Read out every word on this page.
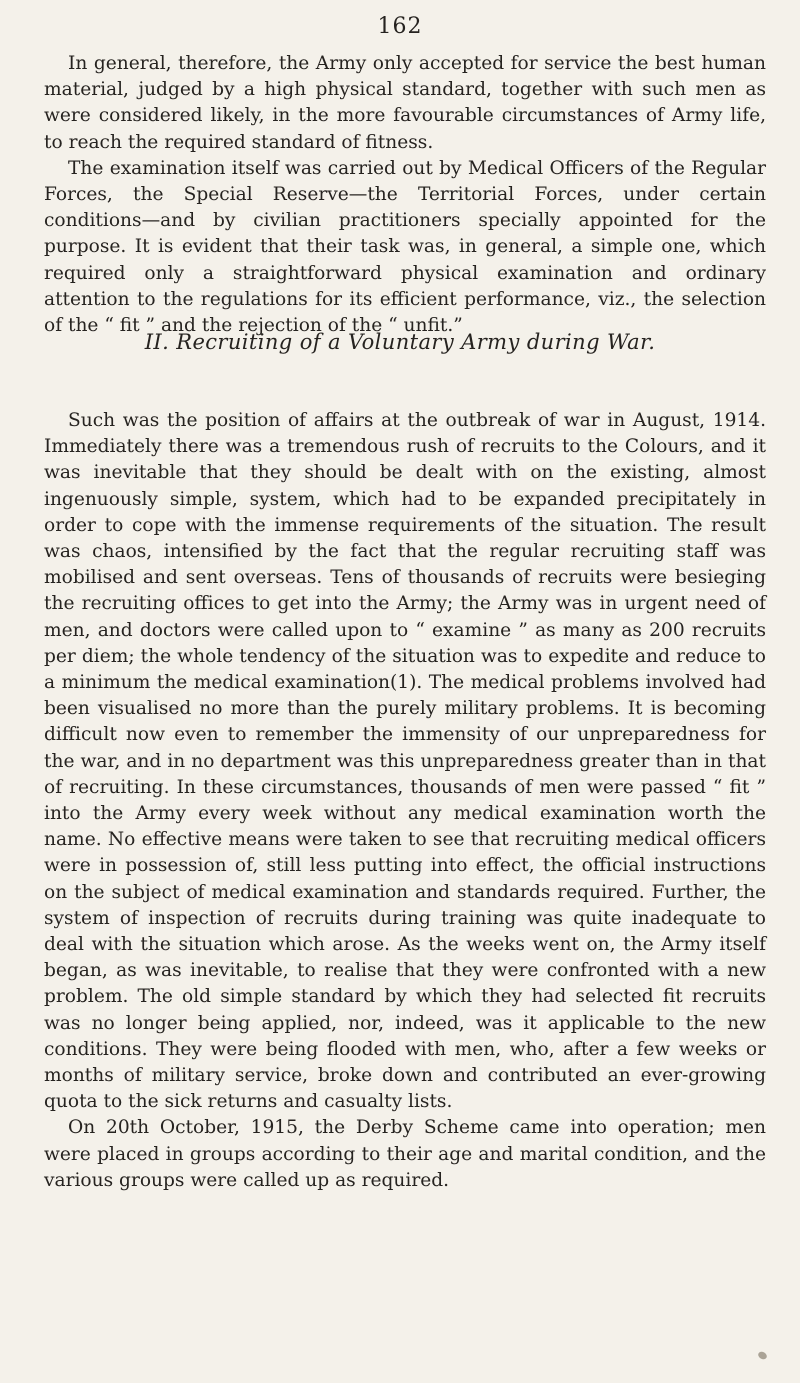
162

In general, therefore, the Army only accepted for service the best human material, judged by a high physical standard, together with such men as were considered likely, in the more favourable circumstances of Army life, to reach the required standard of fitness.

The examination itself was carried out by Medical Officers of the Regular Forces, the Special Reserve—the Territorial Forces, under certain conditions—and by civilian practitioners specially appointed for the purpose. It is evident that their task was, in general, a simple one, which required only a straightforward physical examination and ordinary attention to the regulations for its efficient performance, viz., the selection of the “ fit ” and the rejection of the “ unfit.”

II. Recruiting of a Voluntary Army during War.

Such was the position of affairs at the outbreak of war in August, 1914. Immediately there was a tremendous rush of recruits to the Colours, and it was inevitable that they should be dealt with on the existing, almost ingenuously simple, system, which had to be expanded precipitately in order to cope with the immense requirements of the situation. The result was chaos, intensified by the fact that the regular recruiting staff was mobilised and sent overseas. Tens of thousands of recruits were besieging the recruiting offices to get into the Army; the Army was in urgent need of men, and doctors were called upon to “ examine ” as many as 200 recruits per diem; the whole tendency of the situation was to expedite and reduce to a minimum the medical examination(1). The medical problems involved had been visualised no more than the purely military problems. It is becoming difficult now even to remember the immensity of our unpreparedness for the war, and in no department was this unpreparedness greater than in that of recruiting. In these circumstances, thousands of men were passed “ fit ” into the Army every week without any medical examination worth the name. No effective means were taken to see that recruiting medical officers were in possession of, still less putting into effect, the official instructions on the subject of medical examination and standards required. Further, the system of inspection of recruits during training was quite inadequate to deal with the situation which arose. As the weeks went on, the Army itself began, as was inevitable, to realise that they were confronted with a new problem. The old simple standard by which they had selected fit recruits was no longer being applied, nor, indeed, was it applicable to the new conditions. They were being flooded with men, who, after a few weeks or months of military service, broke down and contributed an ever-growing quota to the sick returns and casualty lists.

On 20th October, 1915, the Derby Scheme came into operation; men were placed in groups according to their age and marital condition, and the various groups were called up as required.
